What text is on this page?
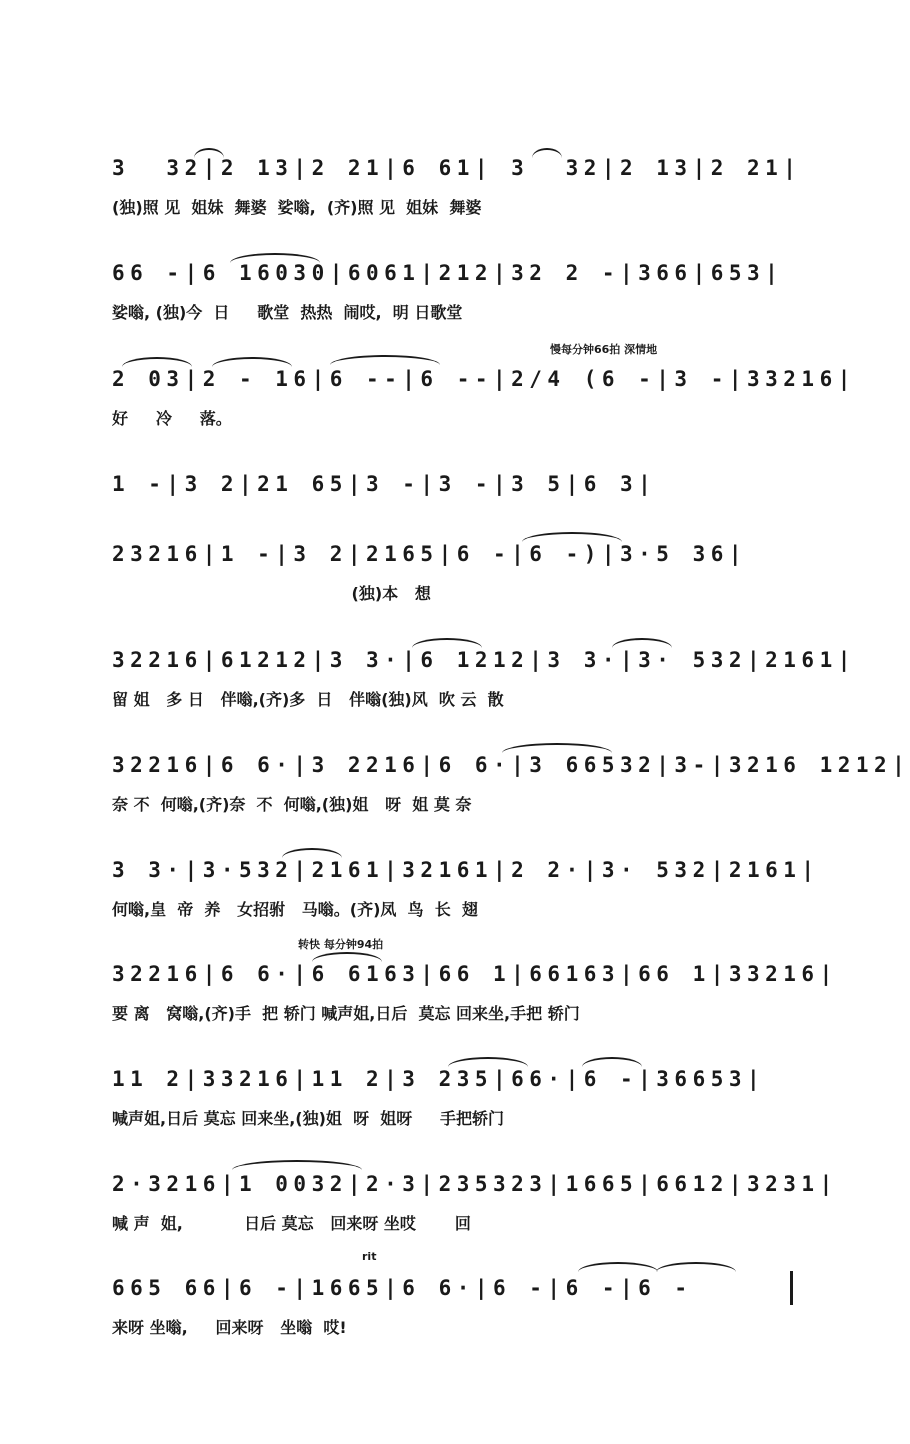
3  32|2 13|2 21|6 61| 3  32|2 13|2 21|
(独)照 见  姐妹  舞婆  娑嗡,  (齐)照 见  姐妹  舞婆
66 -|6 16030|6061|212|32 2 -|366|653|
娑嗡, (独)今  日     歌堂  热热  闹哎,  明 日歌堂
慢每分钟66拍 深情地
2 03|2 - 16|6 --|6 --|2/4 (6 -|3 -|33216|
好     冷     落。
1 -|3 2|21 65|3 -|3 -|3 5|6 3|
23216|1 -|3 2|2165|6 -|6 -)|3·5 36|
(独)本   想
32216|61212|3 3·|6 1212|3 3·|3· 532|2161|
留 姐   多 日   伴嗡,(齐)多  日   伴嗡(独)风  吹 云  散
32216|6 6·|3 2216|6 6·|3 66532|3-|3216 1212|
奈 不  何嗡,(齐)奈  不  何嗡,(独)姐   呀  姐 莫 奈
3 3·|3·532|2161|32161|2 2·|3· 532|2161|
何嗡,皇  帝  养   女招驸   马嗡。(齐)凤  鸟  长  翅
转快 每分钟94拍
32216|6 6·|6 6163|66 1|66163|66 1|33216|
要 离   窝嗡,(齐)手  把 轿门 喊声姐,日后  莫忘 回来坐,手把 轿门
11 2|33216|11 2|3 235|66·|6 -|36653|
喊声姐,日后 莫忘 回来坐,(独)姐  呀  姐呀     手把轿门
2·3216|1 0032|2·3|235323|1665|6612|3231|
喊 声  姐,           日后 莫忘   回来呀 坐哎       回
rit
665 66|6 -|1665|6 6·|6 -|6 -|6 -
来呀 坐嗡,     回来呀   坐嗡  哎!
